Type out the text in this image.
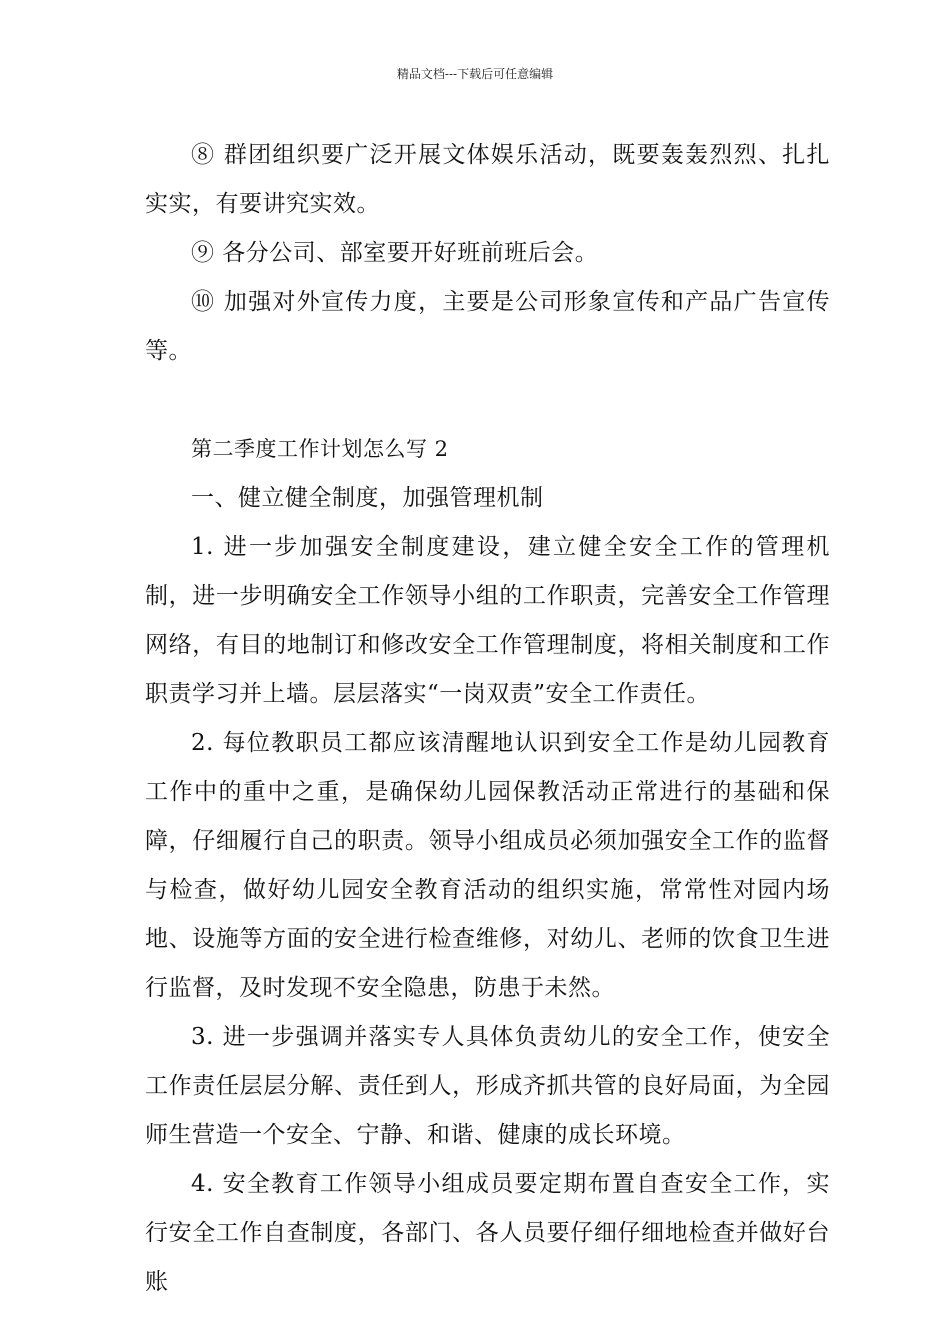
精品文档---下载后可任意编辑

⑧ 群团组织要广泛开展文体娱乐活动，既要轰轰烈烈、扎扎实实，有要讲究实效。

⑨ 各分公司、部室要开好班前班后会。

⑩ 加强对外宣传力度，主要是公司形象宣传和产品广告宣传等。

第二季度工作计划怎么写 2

一、健立健全制度，加强管理机制

1. 进一步加强安全制度建设，建立健全安全工作的管理机制，进一步明确安全工作领导小组的工作职责，完善安全工作管理网络，有目的地制订和修改安全工作管理制度，将相关制度和工作职责学习并上墙。层层落实“一岗双责”安全工作责任。

2. 每位教职员工都应该清醒地认识到安全工作是幼儿园教育工作中的重中之重，是确保幼儿园保教活动正常进行的基础和保障，仔细履行自己的职责。领导小组成员必须加强安全工作的监督与检查，做好幼儿园安全教育活动的组织实施，常常性对园内场地、设施等方面的安全进行检查维修，对幼儿、老师的饮食卫生进行监督，及时发现不安全隐患，防患于未然。

3. 进一步强调并落实专人具体负责幼儿的安全工作，使安全工作责任层层分解、责任到人，形成齐抓共管的良好局面，为全园师生营造一个安全、宁静、和谐、健康的成长环境。

4. 安全教育工作领导小组成员要定期布置自查安全工作，实行安全工作自查制度，各部门、各人员要仔细仔细地检查并做好台账
